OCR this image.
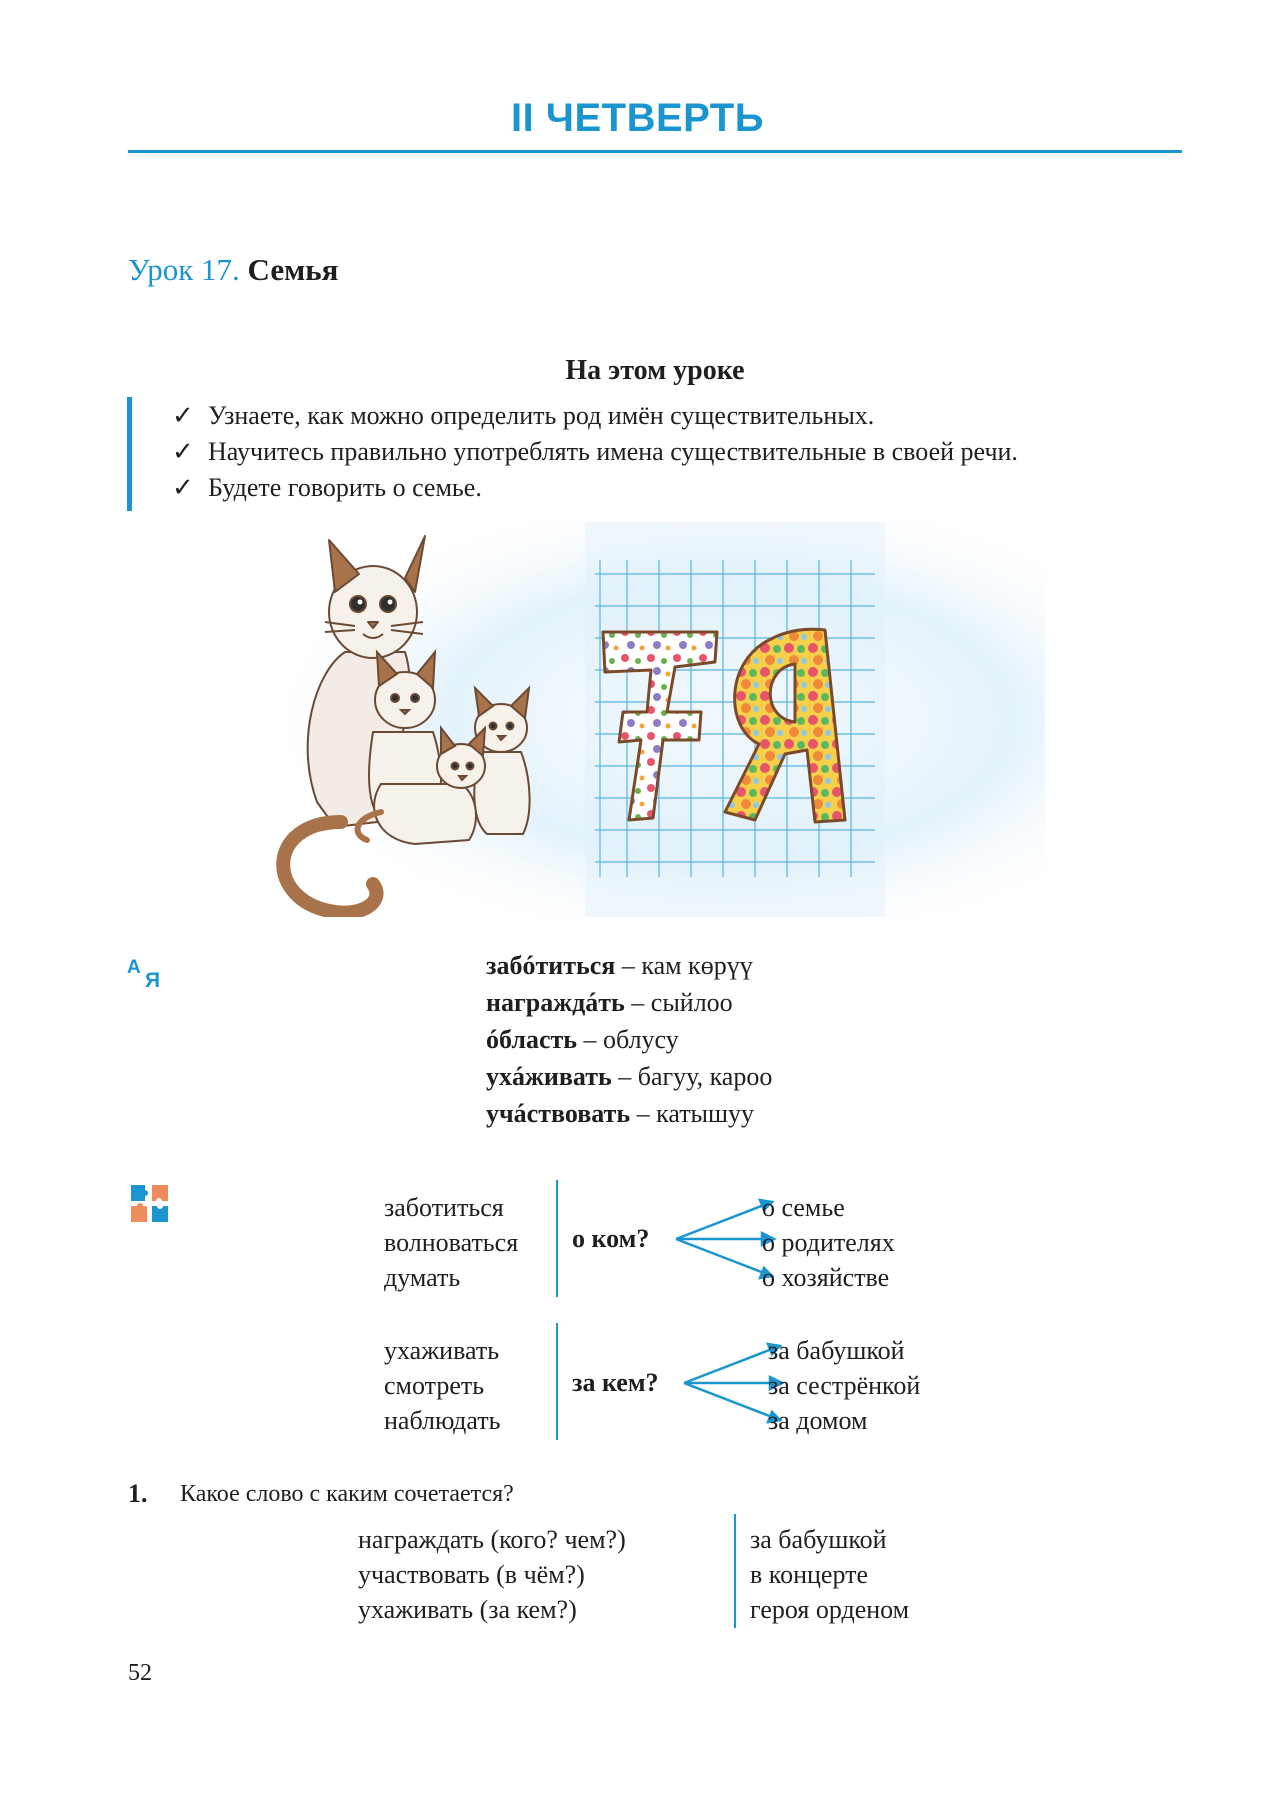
II ЧЕТВЕРТЬ
Урок 17. Семья
На этом уроке
✓ Узнаете, как можно определить род имён существительных.
✓ Научитесь правильно употреблять имена существительные в своей речи.
✓ Будете говорить о семье.
А
Я
забóтиться – кам көрүү
награждáть – сыйлоо
óбласть – облусу
ухáживать – багуу, кароо
учáствовать – катышуу
заботиться
волноваться
думать
о ком?
о семье
о родителях
о хозяйстве
ухаживать
смотреть
наблюдать
за кем?
за бабушкой
за сестрёнкой
за домом
1. Какое слово с каким сочетается?
награждать (кого? чем?)
участвовать (в чём?)
ухаживать (за кем?)
за бабушкой
в концерте
героя орденом
52
